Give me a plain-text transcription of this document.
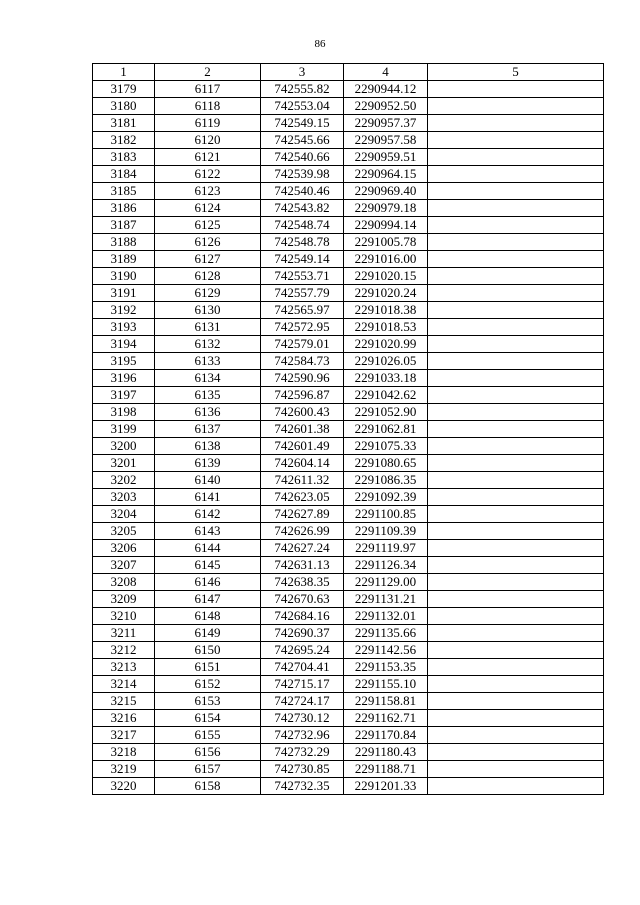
86
1	2	3	4	5
3179	6117	742555.82	2290944.12	
3180	6118	742553.04	2290952.50	
3181	6119	742549.15	2290957.37	
3182	6120	742545.66	2290957.58	
3183	6121	742540.66	2290959.51	
3184	6122	742539.98	2290964.15	
3185	6123	742540.46	2290969.40	
3186	6124	742543.82	2290979.18	
3187	6125	742548.74	2290994.14	
3188	6126	742548.78	2291005.78	
3189	6127	742549.14	2291016.00	
3190	6128	742553.71	2291020.15	
3191	6129	742557.79	2291020.24	
3192	6130	742565.97	2291018.38	
3193	6131	742572.95	2291018.53	
3194	6132	742579.01	2291020.99	
3195	6133	742584.73	2291026.05	
3196	6134	742590.96	2291033.18	
3197	6135	742596.87	2291042.62	
3198	6136	742600.43	2291052.90	
3199	6137	742601.38	2291062.81	
3200	6138	742601.49	2291075.33	
3201	6139	742604.14	2291080.65	
3202	6140	742611.32	2291086.35	
3203	6141	742623.05	2291092.39	
3204	6142	742627.89	2291100.85	
3205	6143	742626.99	2291109.39	
3206	6144	742627.24	2291119.97	
3207	6145	742631.13	2291126.34	
3208	6146	742638.35	2291129.00	
3209	6147	742670.63	2291131.21	
3210	6148	742684.16	2291132.01	
3211	6149	742690.37	2291135.66	
3212	6150	742695.24	2291142.56	
3213	6151	742704.41	2291153.35	
3214	6152	742715.17	2291155.10	
3215	6153	742724.17	2291158.81	
3216	6154	742730.12	2291162.71	
3217	6155	742732.96	2291170.84	
3218	6156	742732.29	2291180.43	
3219	6157	742730.85	2291188.71	
3220	6158	742732.35	2291201.33	
